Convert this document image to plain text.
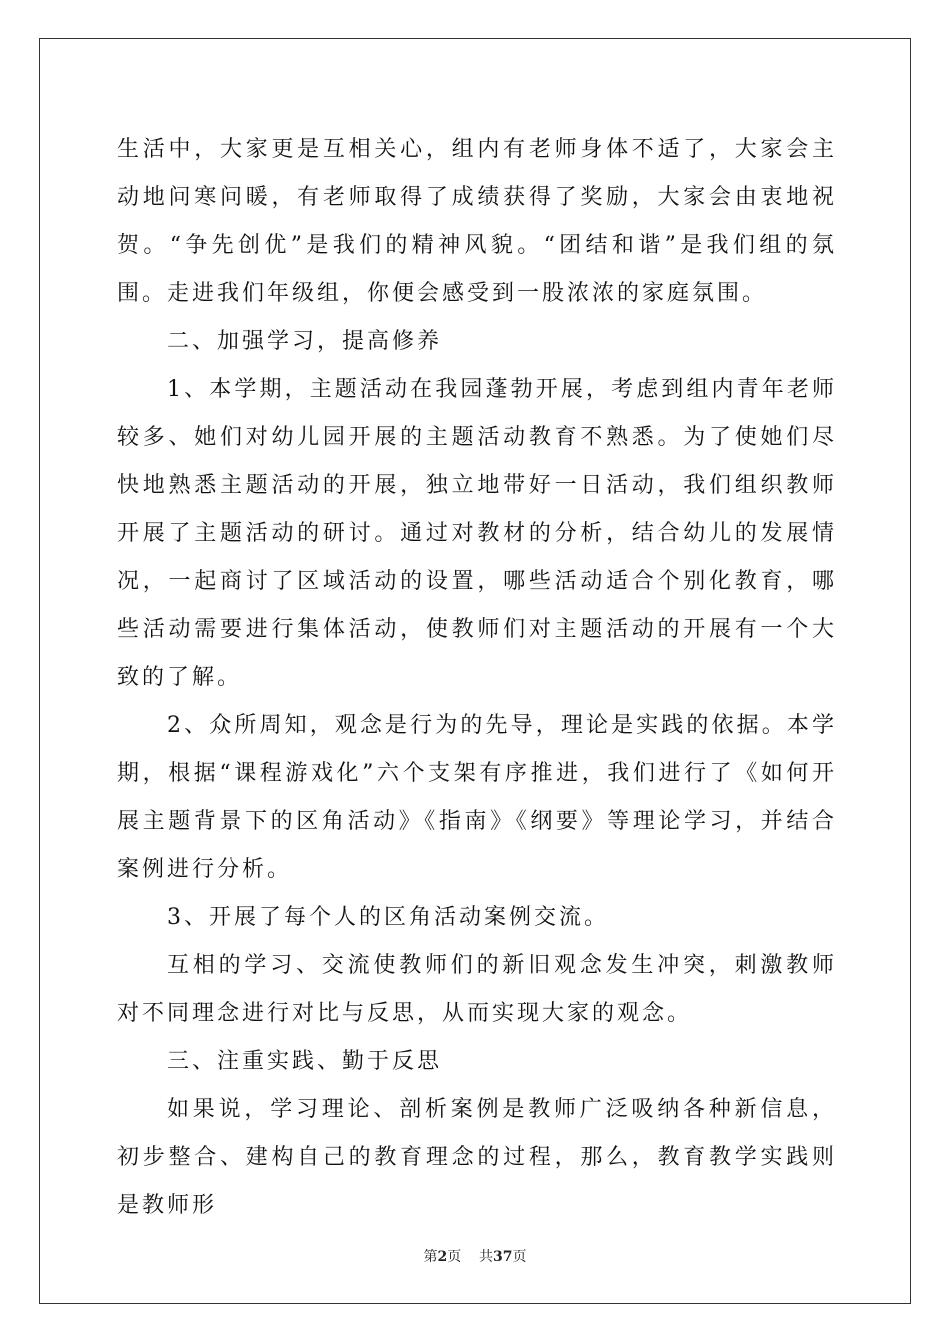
生活中，大家更是互相关心，组内有老师身体不适了，大家会主动地问寒问暖，有老师取得了成绩获得了奖励，大家会由衷地祝贺。“争先创优”是我们的精神风貌。“团结和谐”是我们组的氛围。走进我们年级组，你便会感受到一股浓浓的家庭氛围。

二、加强学习，提高修养

1、本学期，主题活动在我园蓬勃开展，考虑到组内青年老师较多、她们对幼儿园开展的主题活动教育不熟悉。为了使她们尽快地熟悉主题活动的开展，独立地带好一日活动，我们组织教师开展了主题活动的研讨。通过对教材的分析，结合幼儿的发展情况，一起商讨了区域活动的设置，哪些活动适合个别化教育，哪些活动需要进行集体活动，使教师们对主题活动的开展有一个大致的了解。

2、众所周知，观念是行为的先导，理论是实践的依据。本学期，根据“课程游戏化”六个支架有序推进，我们进行了《如何开展主题背景下的区角活动》《指南》《纲要》等理论学习，并结合案例进行分析。

3、开展了每个人的区角活动案例交流。

互相的学习、交流使教师们的新旧观念发生冲突，刺激教师对不同理念进行对比与反思，从而实现大家的观念。

三、注重实践、勤于反思

如果说，学习理论、剖析案例是教师广泛吸纳各种新信息，初步整合、建构自己的教育理念的过程，那么，教育教学实践则是教师形

第2页 共37页
